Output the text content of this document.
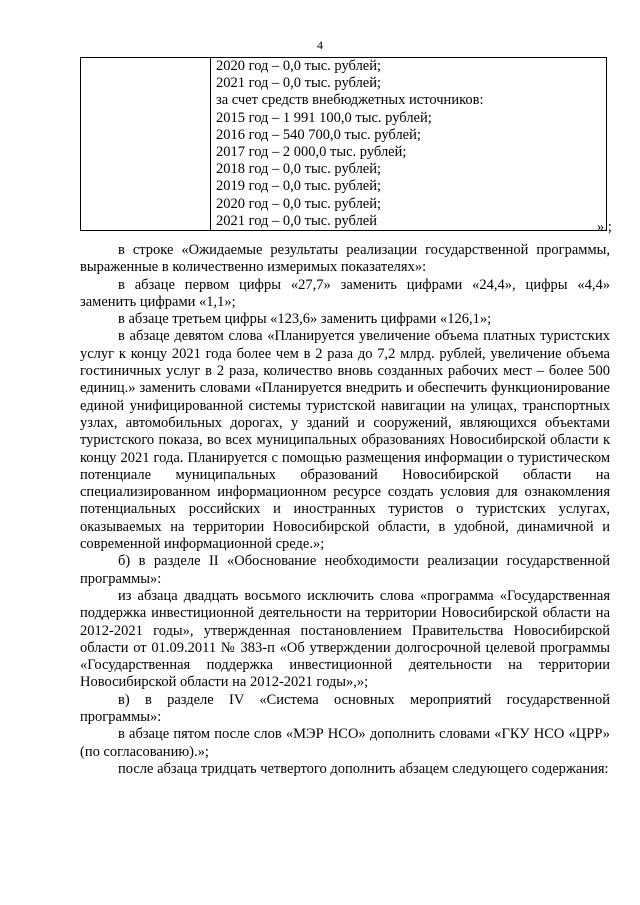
4

2020 год – 0,0 тыс. рублей;
2021 год – 0,0 тыс. рублей;
за счет средств внебюджетных источников:
2015 год – 1 991 100,0 тыс. рублей;
2016 год – 540 700,0 тыс. рублей;
2017 год – 2 000,0 тыс. рублей;
2018 год – 0,0 тыс. рублей;
2019 год – 0,0 тыс. рублей;
2020 год – 0,0 тыс. рублей;
2021 год – 0,0 тыс. рублей	».;

в строке «Ожидаемые результаты реализации государственной программы, выраженные в количественно измеримых показателях»:

в абзаце первом цифры «27,7» заменить цифрами «24,4», цифры «4,4» заменить цифрами «1,1»;

в абзаце третьем цифры «123,6» заменить цифрами «126,1»;

в абзаце девятом слова «Планируется увеличение объема платных туристских услуг к концу 2021 года более чем в 2 раза до 7,2 млрд. рублей, увеличение объема гостиничных услуг в 2 раза, количество вновь созданных рабочих мест – более 500 единиц.» заменить словами «Планируется внедрить и обеспечить функционирование единой унифицированной системы туристской навигации на улицах, транспортных узлах, автомобильных дорогах, у зданий и сооружений, являющихся объектами туристского показа, во всех муниципальных образованиях Новосибирской области к концу 2021 года. Планируется с помощью размещения информации о туристическом потенциале муниципальных образований Новосибирской области на специализированном информационном ресурсе создать условия для ознакомления потенциальных российских и иностранных туристов о туристских услугах, оказываемых на территории Новосибирской области, в удобной, динамичной и современной информационной среде.»;

б) в разделе II «Обоснование необходимости реализации государственной программы»:

из абзаца двадцать восьмого исключить слова «программа «Государственная поддержка инвестиционной деятельности на территории Новосибирской области на 2012-2021 годы», утвержденная постановлением Правительства Новосибирской области от 01.09.2011 № 383-п «Об утверждении долгосрочной целевой программы «Государственная поддержка инвестиционной деятельности на территории Новосибирской области на 2012-2021 годы»,»;

в) в разделе IV «Система основных мероприятий государственной программы»:

в абзаце пятом после слов «МЭР НСО» дополнить словами «ГКУ НСО «ЦРР» (по согласованию).»;

после абзаца тридцать четвертого дополнить абзацем следующего содержания:
